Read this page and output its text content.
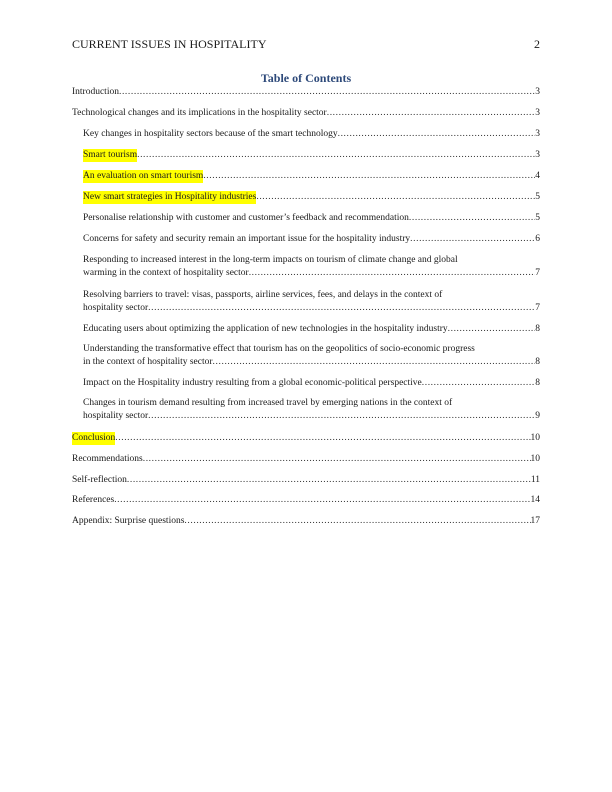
CURRENT ISSUES IN HOSPITALITY	2
Table of Contents
Introduction .....	3
Technological changes and its implications in the hospitality sector .....	3
Key changes in hospitality sectors because of the smart technology .....	3
Smart tourism .....	3
An evaluation on smart tourism .....	4
New smart strategies in Hospitality industries .....	5
Personalise relationship with customer and customer’s feedback and recommendation .....	5
Concerns for safety and security remain an important issue for the hospitality industry .....	6
Responding to increased interest in the long-term impacts on tourism of climate change and global
warming in the context of hospitality sector .....	7
Resolving barriers to travel: visas, passports, airline services, fees, and delays in the context of
hospitality sector .....	7
Educating users about optimizing the application of new technologies in the hospitality industry .....	8
Understanding the transformative effect that tourism has on the geopolitics of socio-economic progress
in the context of hospitality sector .....	8
Impact on the Hospitality industry resulting from a global economic-political perspective .....	8
Changes in tourism demand resulting from increased travel by emerging nations in the context of
hospitality sector .....	9
Conclusion .....	10
Recommendations .....	10
Self-reflection .....	11
References .....	14
Appendix: Surprise questions .....	17
